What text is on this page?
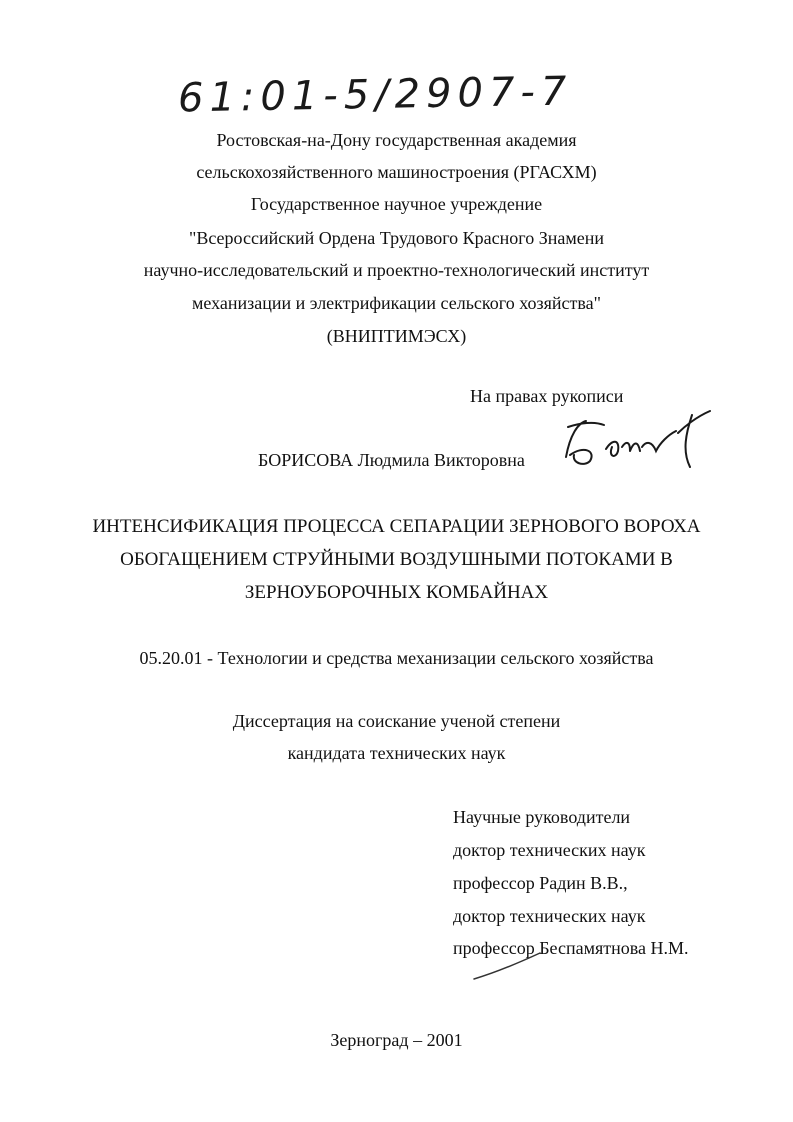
61:01-5/2907-7
Ростовская-на-Дону государственная академия
сельскохозяйственного машиностроения (РГАСХМ)
Государственное научное учреждение
"Всероссийский Ордена Трудового Красного Знамени
научно-исследовательский и проектно-технологический институт
механизации и электрификации сельского хозяйства"
(ВНИПТИМЭСХ)
На правах рукописи
БОРИСОВА Людмила Викторовна
ИНТЕНСИФИКАЦИЯ ПРОЦЕССА СЕПАРАЦИИ ЗЕРНОВОГО ВОРОХА
ОБОГАЩЕНИЕМ СТРУЙНЫМИ ВОЗДУШНЫМИ ПОТОКАМИ В
ЗЕРНОУБОРОЧНЫХ КОМБАЙНАХ
05.20.01 - Технологии и средства механизации сельского хозяйства
Диссертация на соискание ученой степени
кандидата технических наук
Научные руководители
доктор технических наук
профессор Радин В.В.,
доктор технических наук
профессор Беспамятнова Н.М.
Зерноград – 2001
